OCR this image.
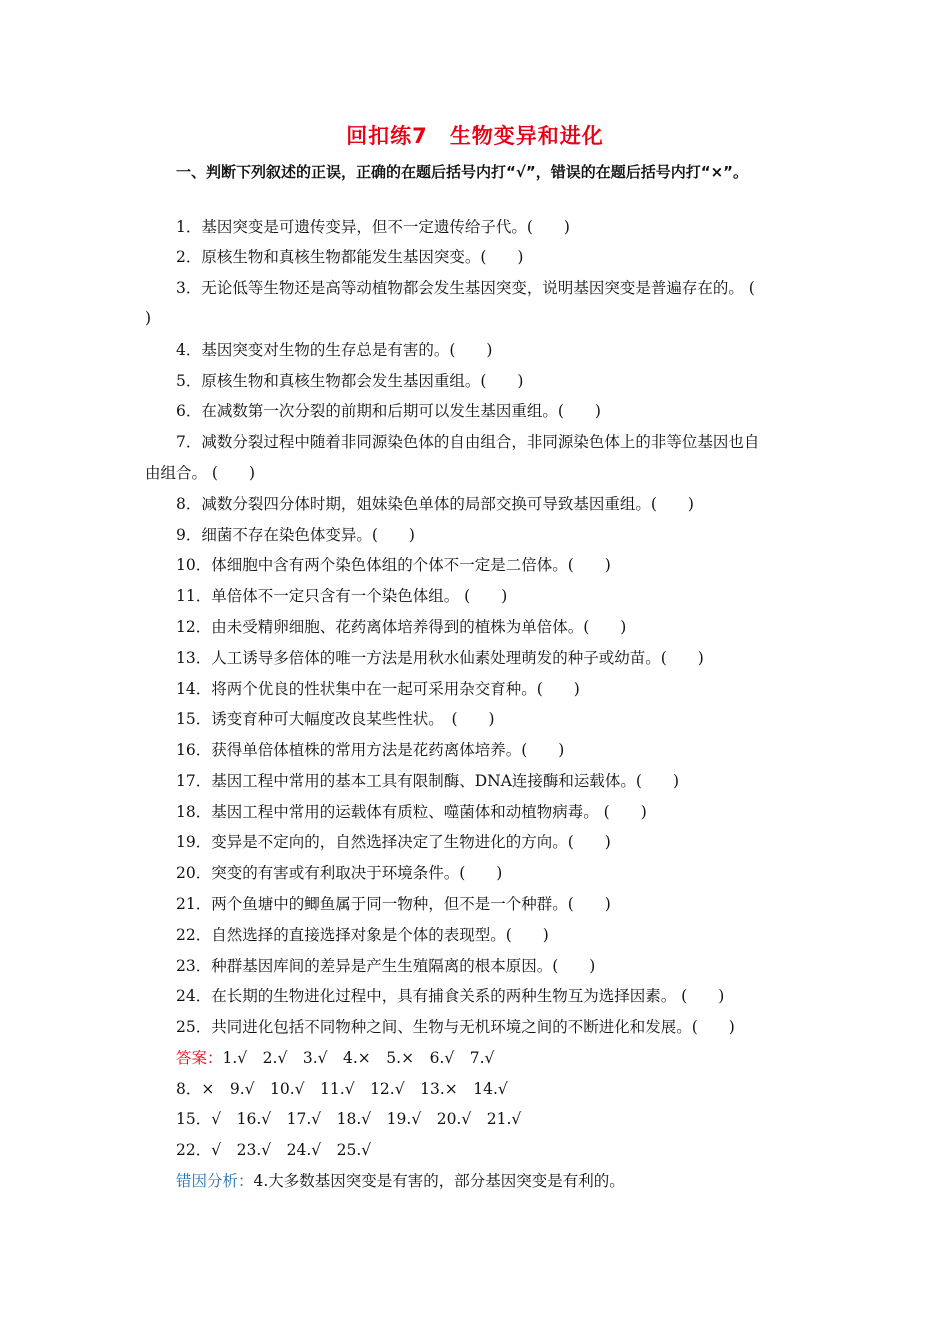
回扣练7 生物变异和进化
一、判断下列叙述的正误，正确的在题后括号内打“√”，错误的在题后括号内打“×”。
1．基因突变是可遗传变异，但不一定遗传给子代。(　　)
2．原核生物和真核生物都能发生基因突变。(　　)
3．无论低等生物还是高等动植物都会发生基因突变，说明基因突变是普遍存在的。 (
)
4．基因突变对生物的生存总是有害的。(　　)
5．原核生物和真核生物都会发生基因重组。(　　)
6．在减数第一次分裂的前期和后期可以发生基因重组。(　　)
7．减数分裂过程中随着非同源染色体的自由组合，非同源染色体上的非等位基因也自
由组合。 (　　)
8．减数分裂四分体时期，姐妹染色单体的局部交换可导致基因重组。(　　)
9．细菌不存在染色体变异。(　　)
10．体细胞中含有两个染色体组的个体不一定是二倍体。(　　)
11．单倍体不一定只含有一个染色体组。 (　　)
12．由未受精卵细胞、花药离体培养得到的植株为单倍体。(　　)
13．人工诱导多倍体的唯一方法是用秋水仙素处理萌发的种子或幼苗。(　　)
14．将两个优良的性状集中在一起可采用杂交育种。(　　)
15．诱变育种可大幅度改良某些性状。　(　　)
16．获得单倍体植株的常用方法是花药离体培养。(　　)
17．基因工程中常用的基本工具有限制酶、DNA连接酶和运载体。(　　)
18．基因工程中常用的运载体有质粒、噬菌体和动植物病毒。 (　　)
19．变异是不定向的，自然选择决定了生物进化的方向。(　　)
20．突变的有害或有利取决于环境条件。(　　)
21．两个鱼塘中的鲫鱼属于同一物种，但不是一个种群。(　　)
22．自然选择的直接选择对象是个体的表现型。(　　)
23．种群基因库间的差异是产生生殖隔离的根本原因。(　　)
24．在长期的生物进化过程中，具有捕食关系的两种生物互为选择因素。 (　　)
25．共同进化包括不同物种之间、生物与无机环境之间的不断进化和发展。(　　)
答案：1.√　2.√　3.√　4.×　5.×　6.√　7.√
8．×　9.√　10.√　11.√　12.√　13.×　14.√
15．√　16.√　17.√　18.√　19.√　20.√　21.√
22．√　23.√　24.√　25.√
错因分析：4.大多数基因突变是有害的，部分基因突变是有利的。
